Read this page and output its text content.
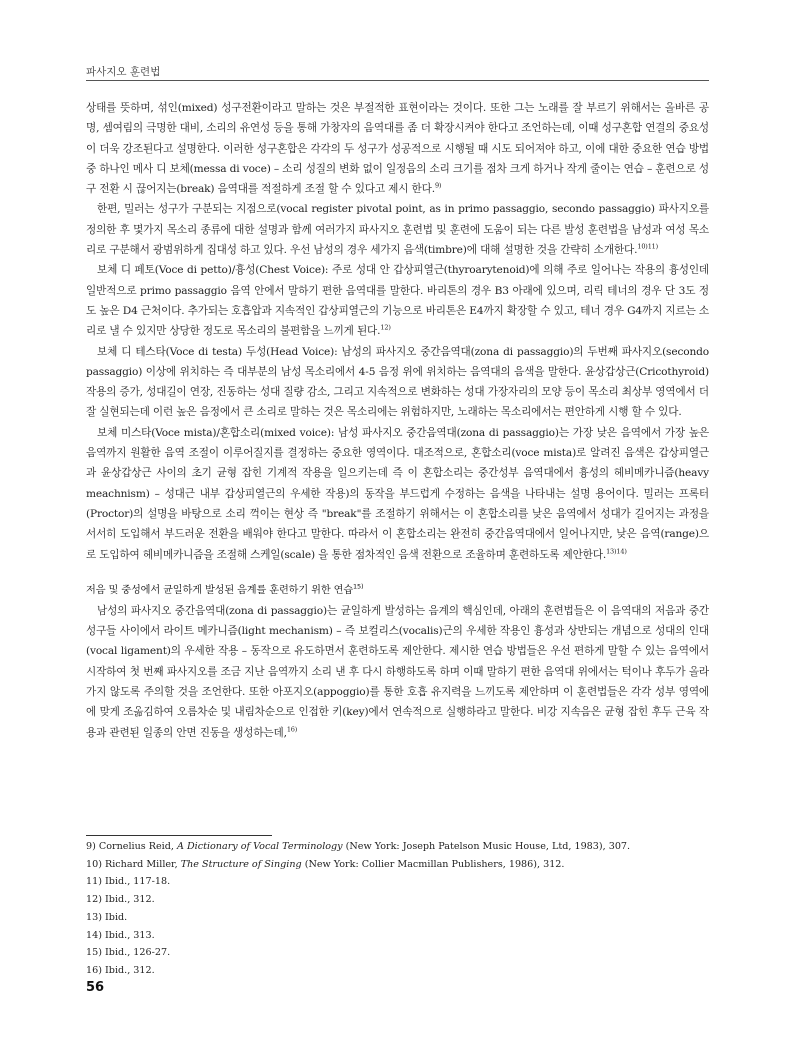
파사지오 훈련법

상태를 뜻하며, 섞인(mixed) 성구전환이라고 말하는 것은 부절적한 표현이라는 것이다. 또한 그는 노래를 잘 부르기 위해서는 올바른 공명, 셈여림의 극명한 대비, 소리의 유연성 등을 통해 가창자의 음역대를 좀 더 확장시켜야 한다고 조언하는데, 이때 성구혼합 연결의 중요성이 더욱 강조된다고 설명한다. 이러한 성구혼합은 각각의 두 성구가 성공적으로 시행될 때 시도 되어져야 하고, 이에 대한 중요한 연습 방법 중 하나인 메사 디 보체(messa di voce) – 소리 성질의 변화 없이 일정음의 소리 크기를 점차 크게 하거나 작게 줄이는 연습 – 훈련으로 성구 전환 시 끊어지는(break) 음역대를 적절하게 조절 할 수 있다고 제시 한다.$^{9)}$

한편, 밀러는 성구가 구분되는 지점으로(vocal register pivotal point, as in primo passaggio, secondo passaggio) 파사지오를 정의한 후 몇가지 목소리 종류에 대한 설명과 함께 여러가지 파사지오 훈련법 및 훈련에 도움이 되는 다른 발성 훈련법을 남성과 여성 목소리로 구분해서 광범위하게 집대성 하고 있다. 우선 남성의 경우 세가지 음색(timbre)에 대해 설명한 것을 간략히 소개한다.$^{10)11)}$

보체 디 페토(Voce di petto)/흉성(Chest Voice): 주로 성대 안 갑상피열근(thyroarytenoid)에 의해 주로 일어나는 작용의 흉성인데 일반적으로 primo passaggio 음역 안에서 말하기 편한 음역대를 말한다. 바리톤의 경우 B3 아래에 있으며, 리릭 테너의 경우 단 3도 정도 높은 D4 근처이다. 추가되는 호흡압과 지속적인 갑상피열근의 기능으로 바리톤은 E4까지 확장할 수 있고, 테너 경우 G4까지 지르는 소리로 낼 수 있지만 상당한 정도로 목소리의 불편함을 느끼게 된다.$^{12)}$

보체 디 테스타(Voce di testa) 두성(Head Voice): 남성의 파사지오 중간음역대(zona di passaggio)의 두번째 파사지오(secondo passaggio) 이상에 위치하는 즉 대부분의 남성 목소리에서 4-5 음정 위에 위치하는 음역대의 음색을 말한다. 윤상갑상근(Cricothyroid) 작용의 증가, 성대길이 연장, 진동하는 성대 질량 감소, 그리고 지속적으로 변화하는 성대 가장자리의 모양 등이 목소리 최상부 영역에서 더 잘 실현되는데 이런 높은 음정에서 큰 소리로 말하는 것은 목소리에는 위험하지만, 노래하는 목소리에서는 편안하게 시행 할 수 있다.

보체 미스타(Voce mista)/혼합소리(mixed voice): 남성 파사지오 중간음역대(zona di passaggio)는 가장 낮은 음역에서 가장 높은 음역까지 원활한 음역 조절이 이루어질지를 결정하는 중요한 영역이다. 대조적으로, 혼합소리(voce mista)로 알려진 음색은 갑상피열근과 윤상갑상근 사이의 초기 균형 잡힌 기계적 작용을 일으키는데 즉 이 혼합소리는 중간성부 음역대에서 흉성의 헤비메카니즘(heavy meachnism) – 성대근 내부 갑상피열근의 우세한 작용)의 동작을 부드럽게 수정하는 음색을 나타내는 설명 용어이다. 밀러는 프록터(Proctor)의 설명을 바탕으로 소리 꺽이는 현상 즉 "break"를 조절하기 위해서는 이 혼합소리를 낮은 음역에서 성대가 길어지는 과정을 서서히 도입해서 부드러운 전환을 배워야 한다고 말한다. 따라서 이 혼합소리는 완전히 중간음역대에서 일어나지만, 낮은 음역(range)으로 도입하여 헤비메카니즘을 조절해 스케일(scale) 을 통한 점차적인 음색 전환으로 조율하며 훈련하도록 제안한다.$^{13)14)}$

저음 및 중성에서 균일하게 발성된 음계를 훈련하기 위한 연습$^{15)}$

남성의 파사지오 중간음역대(zona di passaggio)는 균일하게 발성하는 음계의 핵심인데, 아래의 훈련법들은 이 음역대의 저음과 중간 성구들 사이에서 라이트 메카니즘(light mechanism) – 즉 보컬리스(vocalis)근의 우세한 작용인 흉성과 상반되는 개념으로 성대의 인대 (vocal ligament)의 우세한 작용 – 동작으로 유도하면서 훈련하도록 제안한다. 제시한 연습 방법들은 우선 편하게 말할 수 있는 음역에서 시작하여 첫 번째 파사지오를 조금 지난 음역까지 소리 낸 후 다시 하행하도록 하며 이때 말하기 편한 음역대 위에서는 턱이나 후두가 올라가지 않도록 주의할 것을 조언한다. 또한 아포지오(appoggio)를 통한 호흡 유지력을 느끼도록 제안하며 이 훈련법들은 각각 성부 영역에에 맞게 조옮김하여 오름차순 및 내림차순으로 인접한 키(key)에서 연속적으로 실행하라고 말한다. 비강 지속음은 균형 잡힌 후두 근육 작용과 관련된 일종의 안면 진동을 생성하는데,$^{16)}$

9) Cornelius Reid, A Dictionary of Vocal Terminology (New York: Joseph Patelson Music House, Ltd, 1983), 307.
10) Richard Miller, The Structure of Singing (New York: Collier Macmillan Publishers, 1986), 312.
11) Ibid., 117-18.
12) Ibid., 312.
13) Ibid.
14) Ibid., 313.
15) Ibid., 126-27.
16) Ibid., 312.
56
